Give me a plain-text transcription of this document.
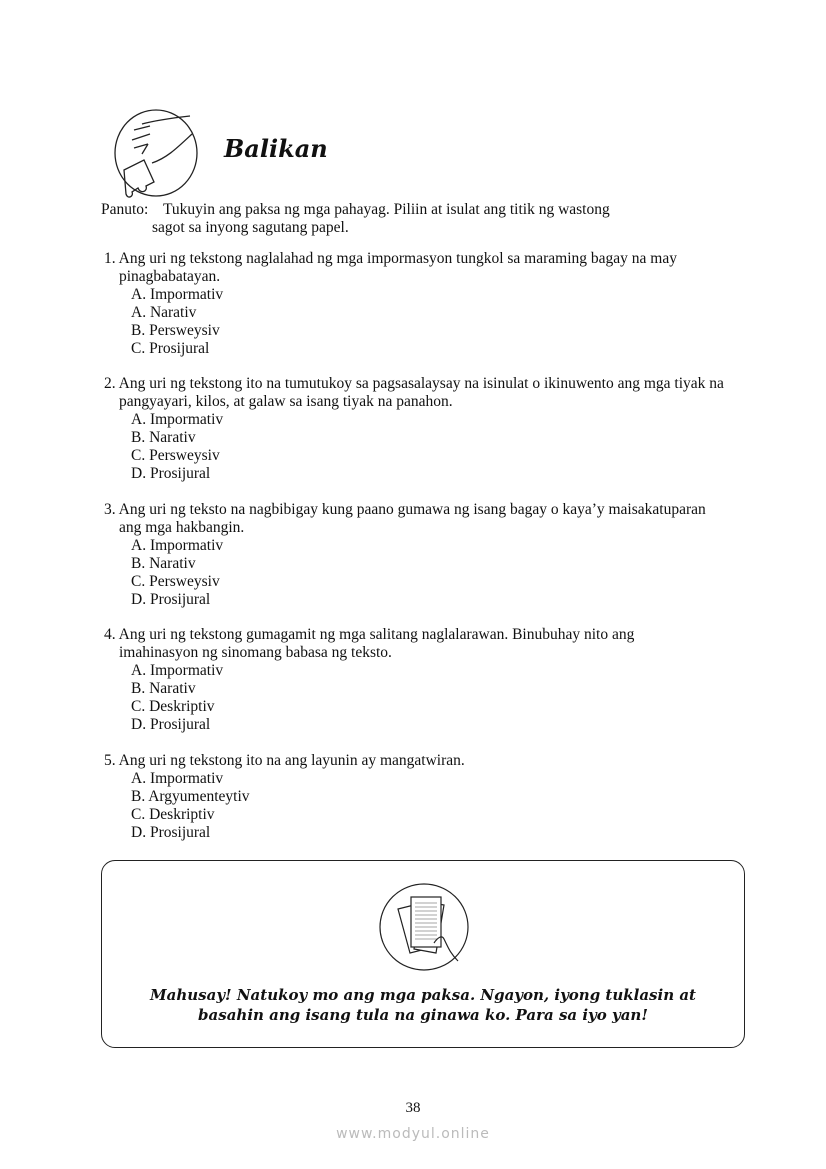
Balikan
Panuto: Tukuyin ang paksa ng mga pahayag. Piliin at isulat ang titik ng wastong
sagot sa inyong sagutang papel.
1. Ang uri ng tekstong naglalahad ng mga impormasyon tungkol sa maraming bagay na may pinagbabatayan.
A. Impormativ
A. Narativ
B. Persweysiv
C. Prosijural
2. Ang uri ng tekstong ito na tumutukoy sa pagsasalaysay na isinulat o ikinuwento ang mga tiyak na pangyayari, kilos, at galaw sa isang tiyak na panahon.
A. Impormativ
B. Narativ
C. Persweysiv
D. Prosijural
3. Ang uri ng teksto na nagbibigay kung paano gumawa ng isang bagay o kaya’y maisakatuparan ang mga hakbangin.
A. Impormativ
B. Narativ
C. Persweysiv
D. Prosijural
4. Ang uri ng tekstong gumagamit ng mga salitang naglalarawan. Binubuhay nito ang imahinasyon ng sinomang babasa ng teksto.
A. Impormativ
B. Narativ
C. Deskriptiv
D. Prosijural
5. Ang uri ng tekstong ito na ang layunin ay mangatwiran.
A. Impormativ
B. Argyumenteytiv
C. Deskriptiv
D. Prosijural
Mahusay! Natukoy mo ang mga paksa. Ngayon, iyong tuklasin at
basahin ang isang tula na ginawa ko. Para sa iyo yan!
38
www.modyul.online
